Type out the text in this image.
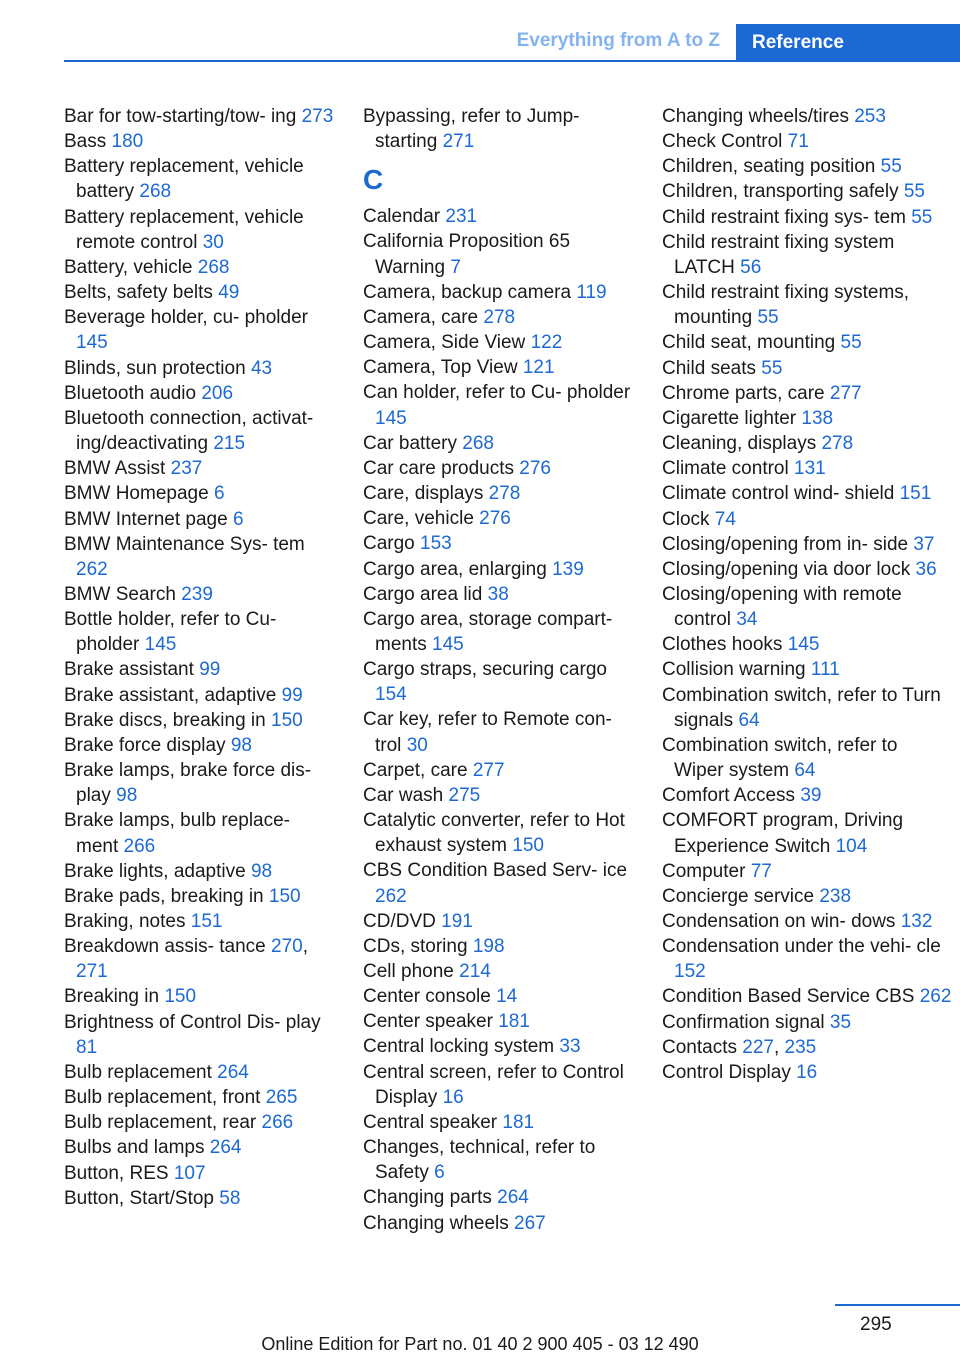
Everything from A to Z	Reference
Bar for tow-starting/tow- ing 273
Bass 180
Battery replacement, vehicle battery 268
Battery replacement, vehicle remote control 30
Battery, vehicle 268
Belts, safety belts 49
Beverage holder, cu- pholder 145
Blinds, sun protection 43
Bluetooth audio 206
Bluetooth connection, activat- ing/deactivating 215
BMW Assist 237
BMW Homepage 6
BMW Internet page 6
BMW Maintenance Sys- tem 262
BMW Search 239
Bottle holder, refer to Cu- pholder 145
Brake assistant 99
Brake assistant, adaptive 99
Brake discs, breaking in 150
Brake force display 98
Brake lamps, brake force dis- play 98
Brake lamps, bulb replace- ment 266
Brake lights, adaptive 98
Brake pads, breaking in 150
Braking, notes 151
Breakdown assis- tance 270, 271
Breaking in 150
Brightness of Control Dis- play 81
Bulb replacement 264
Bulb replacement, front 265
Bulb replacement, rear 266
Bulbs and lamps 264
Button, RES 107
Button, Start/Stop 58
Bypassing, refer to Jump- starting 271
C
Calendar 231
California Proposition 65 Warning 7
Camera, backup camera 119
Camera, care 278
Camera, Side View 122
Camera, Top View 121
Can holder, refer to Cu- pholder 145
Car battery 268
Car care products 276
Care, displays 278
Care, vehicle 276
Cargo 153
Cargo area, enlarging 139
Cargo area lid 38
Cargo area, storage compart- ments 145
Cargo straps, securing cargo 154
Car key, refer to Remote con- trol 30
Carpet, care 277
Car wash 275
Catalytic converter, refer to Hot exhaust system 150
CBS Condition Based Serv- ice 262
CD/DVD 191
CDs, storing 198
Cell phone 214
Center console 14
Center speaker 181
Central locking system 33
Central screen, refer to Control Display 16
Central speaker 181
Changes, technical, refer to Safety 6
Changing parts 264
Changing wheels 267
Changing wheels/tires 253
Check Control 71
Children, seating position 55
Children, transporting safely 55
Child restraint fixing sys- tem 55
Child restraint fixing system LATCH 56
Child restraint fixing systems, mounting 55
Child seat, mounting 55
Child seats 55
Chrome parts, care 277
Cigarette lighter 138
Cleaning, displays 278
Climate control 131
Climate control wind- shield 151
Clock 74
Closing/opening from in- side 37
Closing/opening via door lock 36
Closing/opening with remote control 34
Clothes hooks 145
Collision warning 111
Combination switch, refer to Turn signals 64
Combination switch, refer to Wiper system 64
Comfort Access 39
COMFORT program, Driving Experience Switch 104
Computer 77
Concierge service 238
Condensation on win- dows 132
Condensation under the vehi- cle 152
Condition Based Service CBS 262
Confirmation signal 35
Contacts 227, 235
Control Display 16
295
Online Edition for Part no. 01 40 2 900 405 - 03 12 490
